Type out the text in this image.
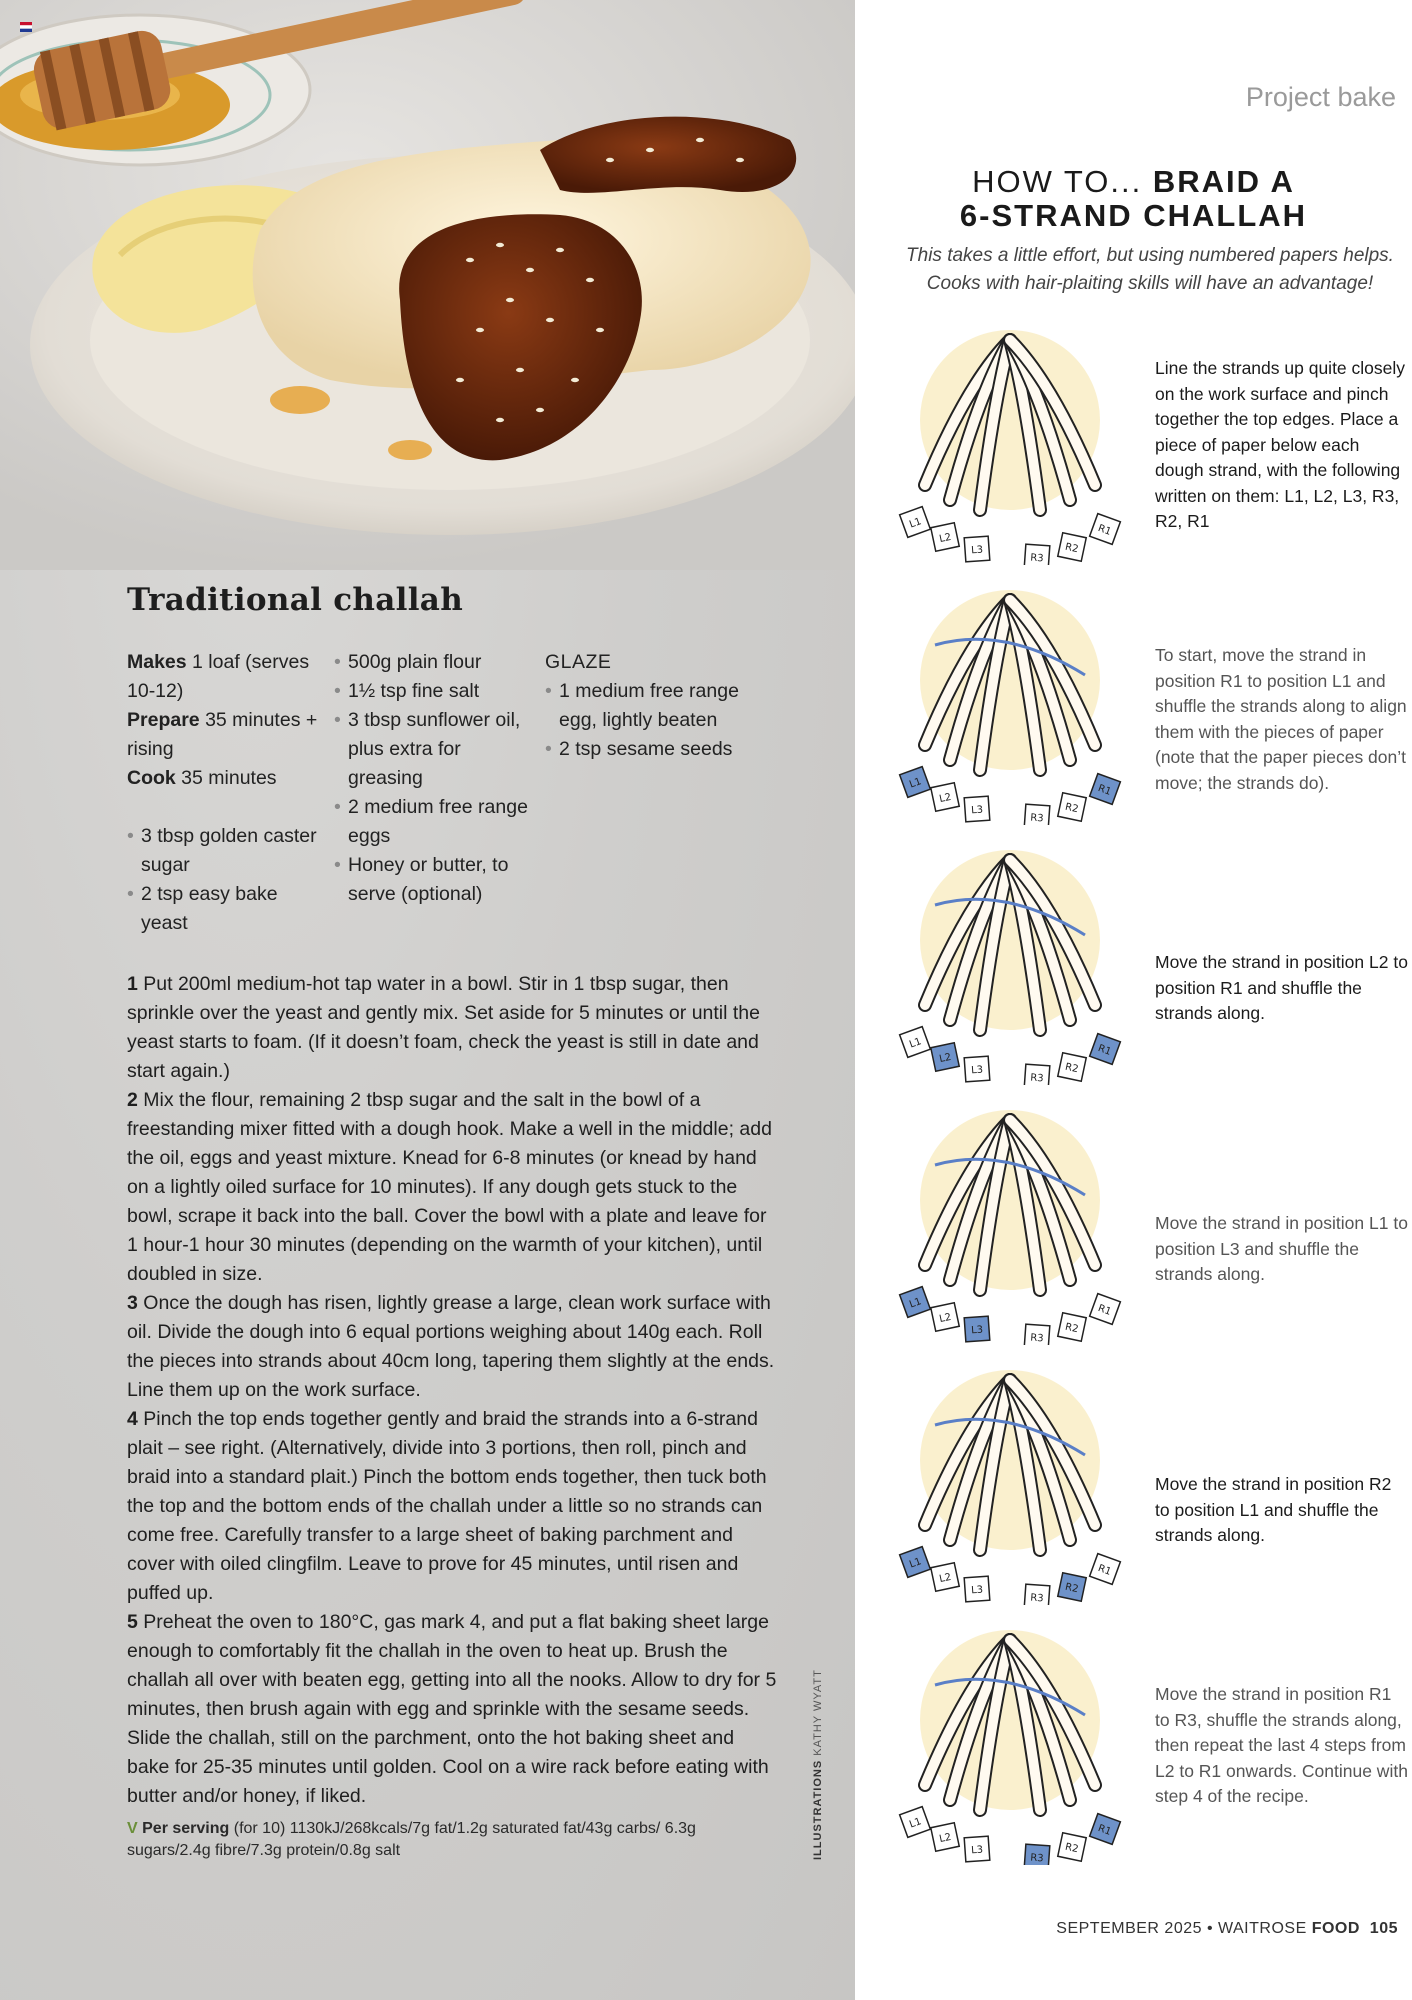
Traditional challah
Makes 1 loaf (serves 10-12)
Prepare 35 minutes + rising
Cook 35 minutes
• 3 tbsp golden caster sugar
• 2 tsp easy bake yeast
• 500g plain flour
• 1½ tsp fine salt
• 3 tbsp sunflower oil, plus extra for greasing
• 2 medium free range eggs
• Honey or butter, to serve (optional)
GLAZE
• 1 medium free range egg, lightly beaten
• 2 tsp sesame seeds

1 Put 200ml medium-hot tap water in a bowl. Stir in 1 tbsp sugar, then sprinkle over the yeast and gently mix. Set aside for 5 minutes or until the yeast starts to foam. (If it doesn’t foam, check the yeast is still in date and start again.)

2 Mix the flour, remaining 2 tbsp sugar and the salt in the bowl of a freestanding mixer fitted with a dough hook. Make a well in the middle; add the oil, eggs and yeast mixture. Knead for 6-8 minutes (or knead by hand on a lightly oiled surface for 10 minutes). If any dough gets stuck to the bowl, scrape it back into the ball. Cover the bowl with a plate and leave for 1 hour-1 hour 30 minutes (depending on the warmth of your kitchen), until doubled in size.

3 Once the dough has risen, lightly grease a large, clean work surface with oil. Divide the dough into 6 equal portions weighing about 140g each. Roll the pieces into strands about 40cm long, tapering them slightly at the ends. Line them up on the work surface.

4 Pinch the top ends together gently and braid the strands into a 6-strand plait – see right. (Alternatively, divide into 3 portions, then roll, pinch and braid into a standard plait.) Pinch the bottom ends together, then tuck both the top and the bottom ends of the challah under a little so no strands can come free. Carefully transfer to a large sheet of baking parchment and cover with oiled clingfilm. Leave to prove for 45 minutes, until risen and puffed up.

5 Preheat the oven to 180°C, gas mark 4, and put a flat baking sheet large enough to comfortably fit the challah in the oven to heat up. Brush the challah all over with beaten egg, getting into all the nooks. Allow to dry for 5 minutes, then brush again with egg and sprinkle with the sesame seeds. Slide the challah, still on the parchment, onto the hot baking sheet and bake for 25-35 minutes until golden. Cool on a wire rack before eating with butter and/or honey, if liked.

V Per serving (for 10) 1130kJ/268kcals/7g fat/1.2g saturated fat/43g carbs/ 6.3g sugars/2.4g fibre/7.3g protein/0.8g salt
Project bake
HOW TO... BRAID A
6-STRAND CHALLAH
This takes a little effort, but using numbered papers helps. Cooks with hair-plaiting skills will have an advantage!
L1
L2
L3
R3
R2
R1
Line the strands up quite closely on the work surface and pinch together the top edges. Place a piece of paper below each dough strand, with the following written on them: L1, L2, L3, R3, R2, R1
L1
L2
L3
R3
R2
R1
To start, move the strand in position R1 to position L1 and shuffle the strands along to align them with the pieces of paper (note that the paper pieces don’t move; the strands do).
L1
L2
L3
R3
R2
R1
Move the strand in position L2 to position R1 and shuffle the strands along.
L1
L2
L3
R3
R2
R1
Move the strand in position L1 to position L3 and shuffle the strands along.
L1
L2
L3
R3
R2
R1
Move the strand in position R2 to position L1 and shuffle the strands along.
L1
L2
L3
R3
R2
R1
Move the strand in position R1 to R3, shuffle the strands along, then repeat the last 4 steps from L2 to R1 onwards. Continue with step 4 of the recipe.
SEPTEMBER 2025 • WAITROSE FOOD 105
ILLUSTRATIONS KATHY WYATT
